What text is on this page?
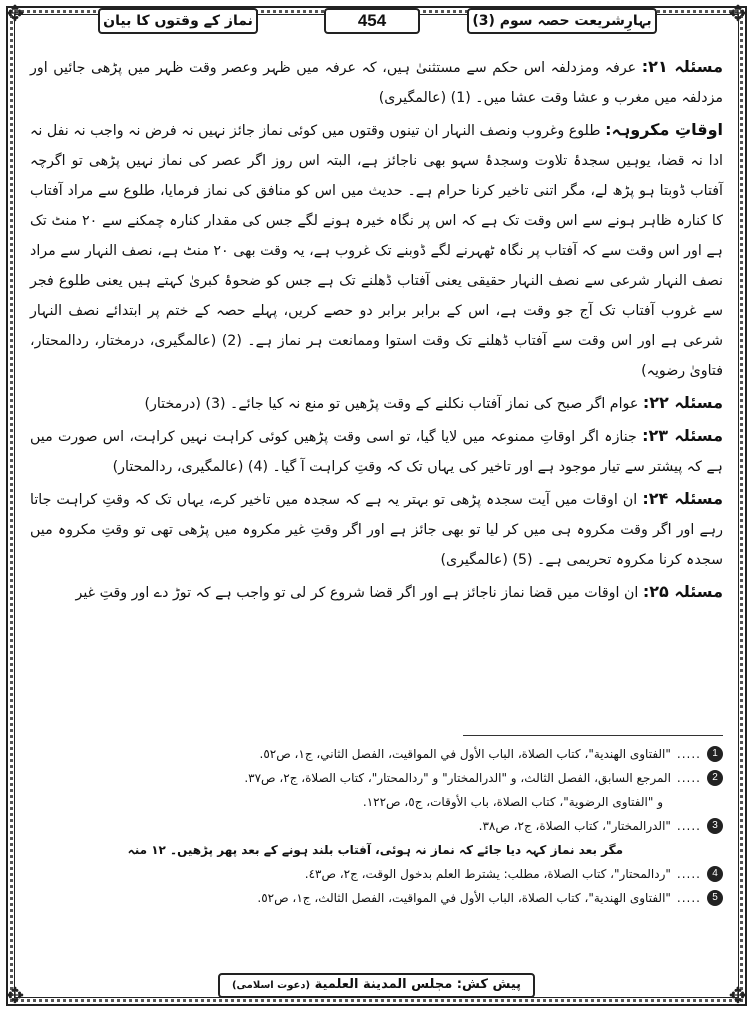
✥	✥
✥	✥
بہارِشریعت حصہ سوم (3)
454
نماز کے وقتوں کا بیان

مسئلہ ۲۱: عرفہ ومزدلفہ اس حکم سے مستثنیٰ ہیں، کہ عرفہ میں ظہر وعصر وقت ظہر میں پڑھی جائیں اور مزدلفہ میں مغرب و عشا وقت عشا میں۔ (1) (عالمگیری)

اوقاتِ مکروہہ: طلوع وغروب ونصف النہار ان تینوں وقتوں میں کوئی نماز جائز نہیں نہ فرض نہ واجب نہ نفل نہ ادا نہ قضا، یوہیں سجدۂ تلاوت وسجدۂ سہو بھی ناجائز ہے، البتہ اس روز اگر عصر کی نماز نہیں پڑھی تو اگرچہ آفتاب ڈوبتا ہو پڑھ لے، مگر اتنی تاخیر کرنا حرام ہے۔ حدیث میں اس کو منافق کی نماز فرمایا، طلوع سے مراد آفتاب کا کنارہ ظاہر ہونے سے اس وقت تک ہے کہ اس پر نگاہ خیرہ ہونے لگے جس کی مقدار کنارہ چمکنے سے ۲۰ منٹ تک ہے اور اس وقت سے کہ آفتاب پر نگاہ ٹھہرنے لگے ڈوبنے تک غروب ہے، یہ وقت بھی ۲۰ منٹ ہے، نصف النہار سے مراد نصف النہار شرعی سے نصف النہار حقیقی یعنی آفتاب ڈھلنے تک ہے جس کو ضحوۂ کبریٰ کہتے ہیں یعنی طلوع فجر سے غروب آفتاب تک آج جو وقت ہے، اس کے برابر برابر دو حصے کریں، پہلے حصہ کے ختم پر ابتدائے نصف النہار شرعی ہے اور اس وقت سے آفتاب ڈھلنے تک وقت استوا وممانعت ہر نماز ہے۔ (2) (عالمگیری، درمختار، ردالمحتار، فتاویٰ رضویہ)

مسئلہ ۲۲: عوام اگر صبح کی نماز آفتاب نکلنے کے وقت پڑھیں تو منع نہ کیا جائے۔ (3) (درمختار)

مسئلہ ۲۳: جنازہ اگر اوقاتِ ممنوعہ میں لایا گیا، تو اسی وقت پڑھیں کوئی کراہت نہیں کراہت، اس صورت میں ہے کہ پیشتر سے تیار موجود ہے اور تاخیر کی یہاں تک کہ وقتِ کراہت آ گیا۔ (4) (عالمگیری، ردالمحتار)

مسئلہ ۲۴: ان اوقات میں آیت سجدہ پڑھی تو بہتر یہ ہے کہ سجدہ میں تاخیر کرے، یہاں تک کہ وقتِ کراہت جاتا رہے اور اگر وقت مکروہ ہی میں کر لیا تو بھی جائز ہے اور اگر وقتِ غیر مکروہ میں پڑھی تھی تو وقتِ مکروہ میں سجدہ کرنا مکروہ تحریمی ہے۔ (5) (عالمگیری)

مسئلہ ۲۵: ان اوقات میں قضا نماز ناجائز ہے اور اگر قضا شروع کر لی تو واجب ہے کہ توڑ دے اور وقتِ غیر

1
.....
"الفتاوى الهندية"، كتاب الصلاة، الباب الأول في المواقيت، الفصل الثاني، ج١، ص٥٢.
2
.....
المرجع السابق، الفصل الثالث، و "الدرالمختار" و "ردالمحتار"، كتاب الصلاة، ج٢، ص٣٧.
و "الفتاوى الرضوية"، كتاب الصلاة، باب الأوقات، ج٥، ص١٢٢.
3
.....
"الدرالمختار"، كتاب الصلاة، ج٢، ص٣٨.
مگر بعد نماز کہہ دیا جائے کہ نماز نہ ہوئی، آفتاب بلند ہونے کے بعد پھر پڑھیں۔ ۱۲ منہ
4
.....
"ردالمحتار"، كتاب الصلاة، مطلب: يشترط العلم بدخول الوقت، ج٢، ص٤٣.
5
.....
"الفتاوى الهندية"، كتاب الصلاة، الباب الأول في المواقيت، الفصل الثالث، ج١، ص٥٢.
پیش کش: مجلس المدينة العلمية (دعوت اسلامی)
